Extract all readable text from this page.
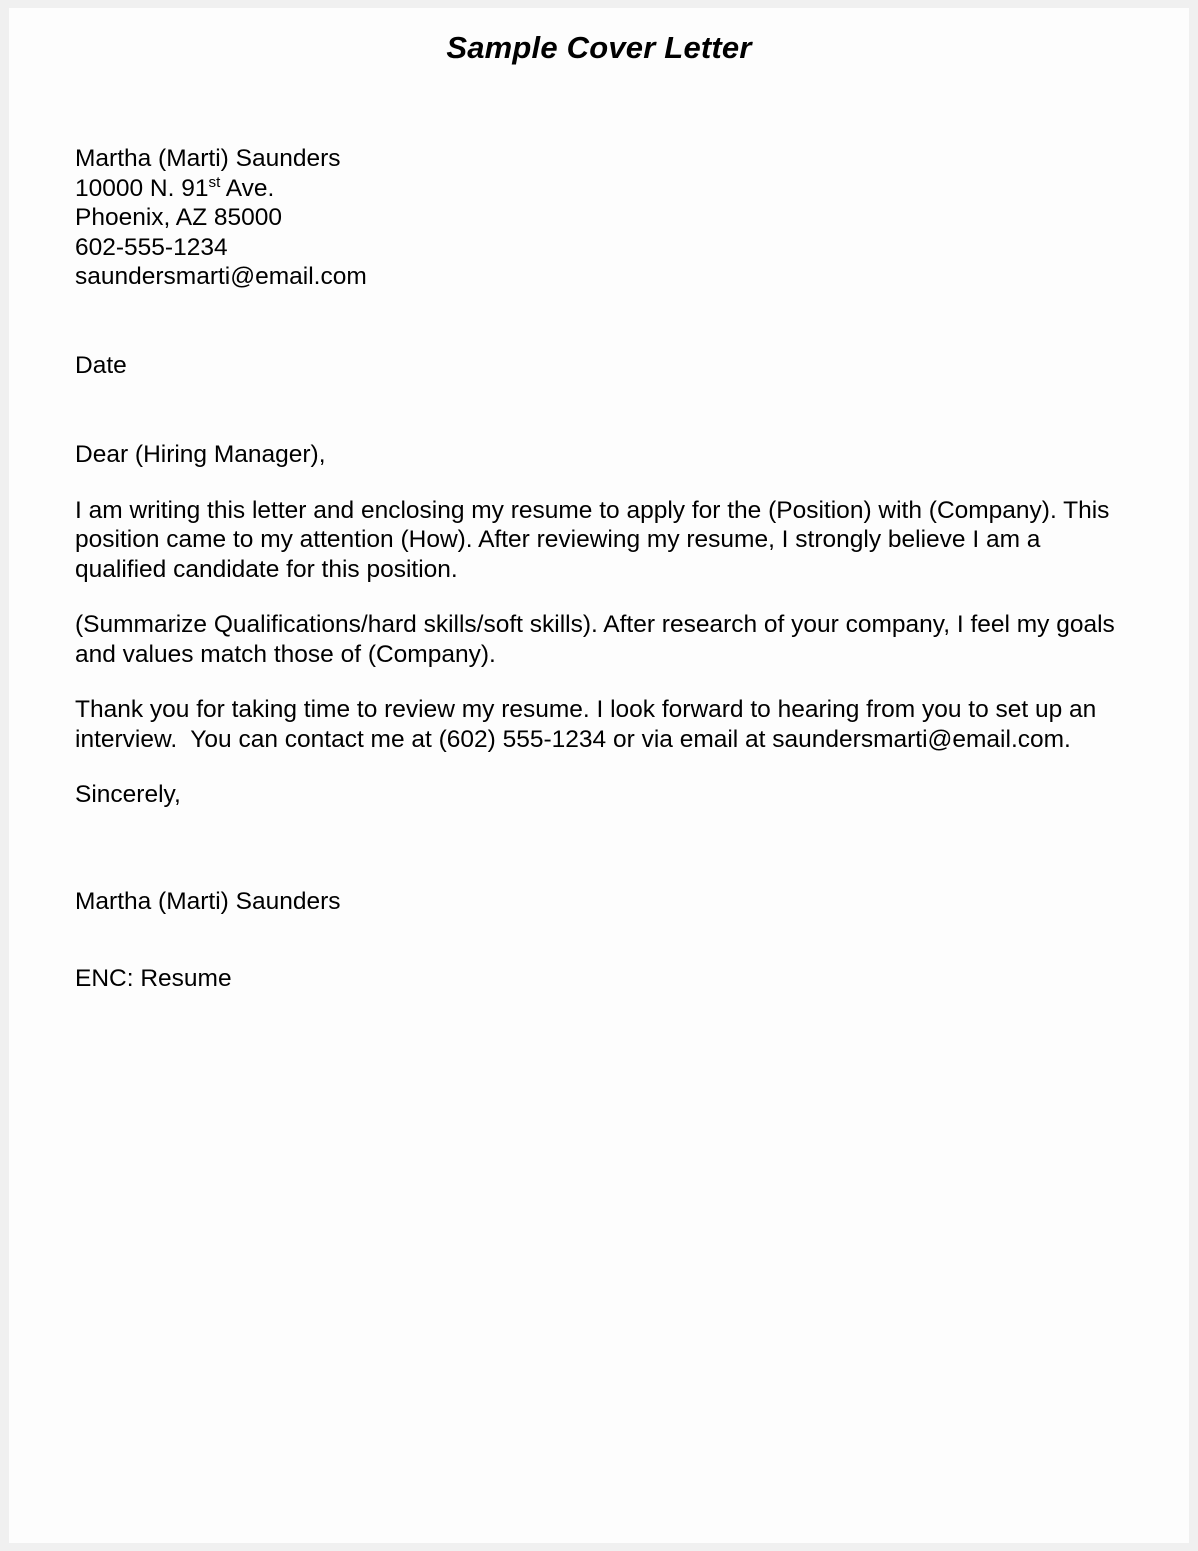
Sample Cover Letter
Martha (Marti) Saunders
10000 N. 91st Ave.
Phoenix, AZ 85000
602-555-1234
saundersmarti@email.com
Date
Dear (Hiring Manager),
I am writing this letter and enclosing my resume to apply for the (Position) with (Company). This position came to my attention (How). After reviewing my resume, I strongly believe I am a qualified candidate for this position.
(Summarize Qualifications/hard skills/soft skills). After research of your company, I feel my goals and values match those of (Company).
Thank you for taking time to review my resume. I look forward to hearing from you to set up an interview.  You can contact me at (602) 555-1234 or via email at saundersmarti@email.com.
Sincerely,
Martha (Marti) Saunders
ENC: Resume
